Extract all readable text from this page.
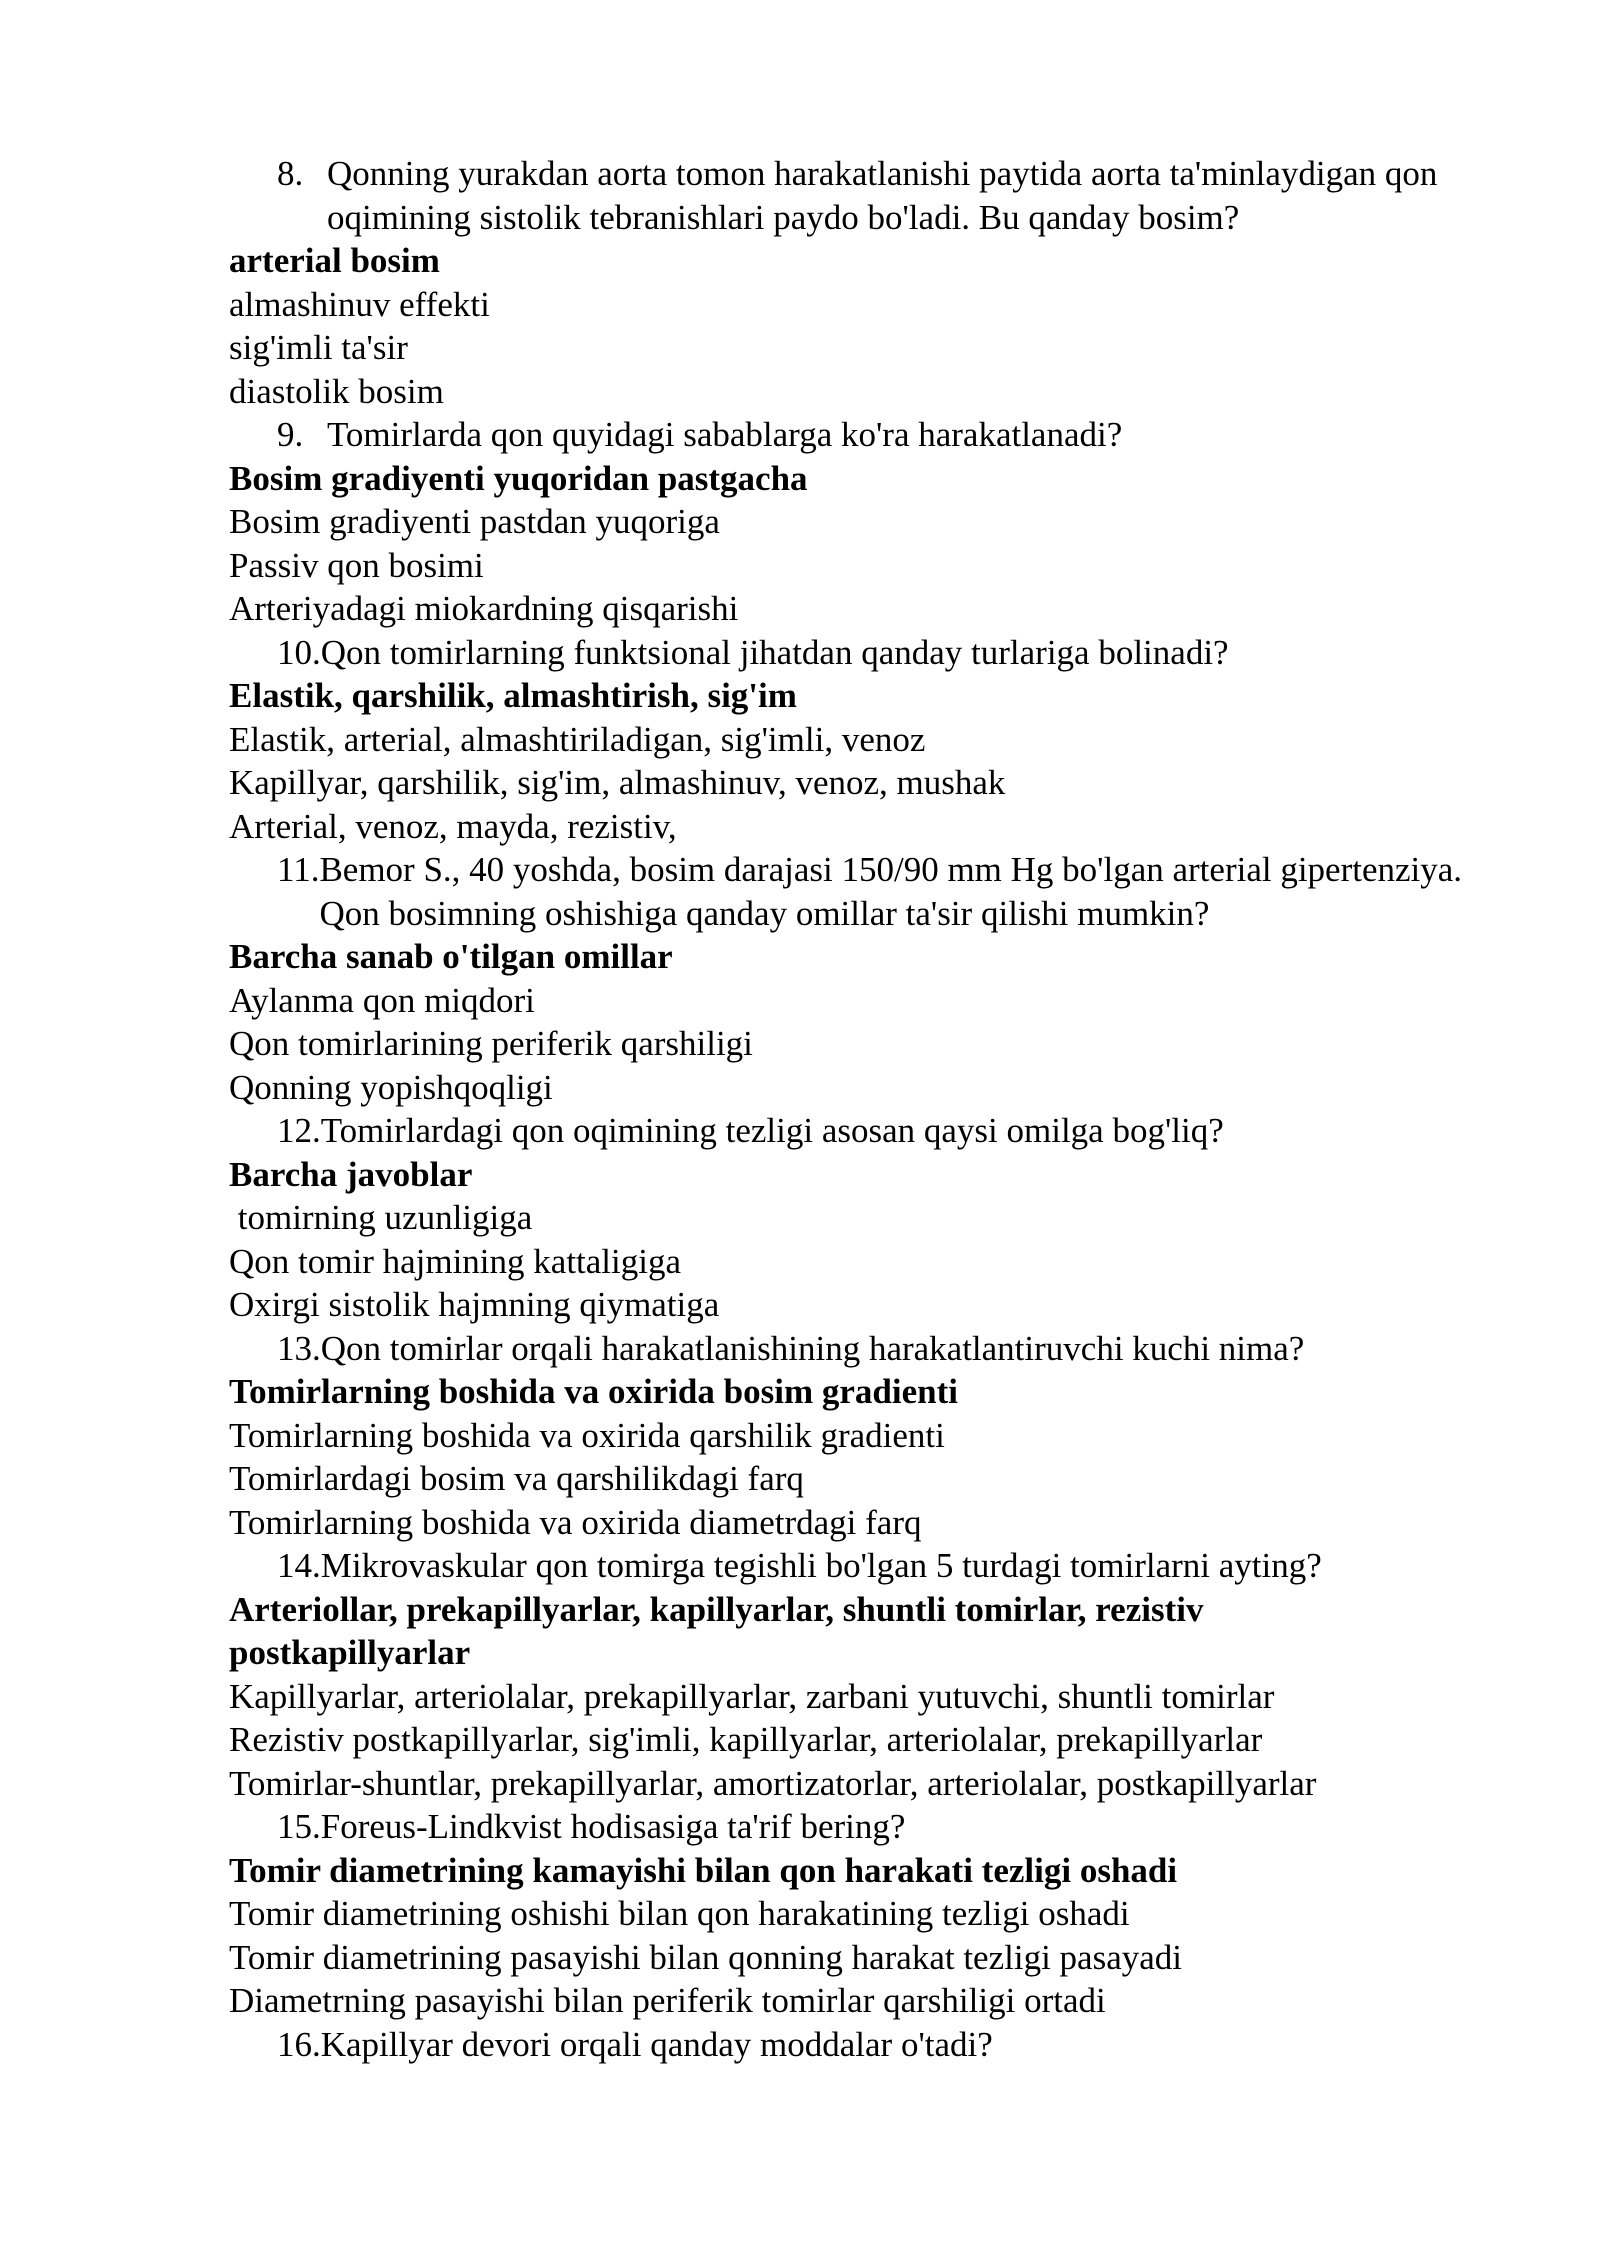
8. Qonning yurakdan aorta tomon harakatlanishi paytida aorta ta'minlaydigan qon oqimining sistolik tebranishlari paydo bo'ladi. Bu qanday bosim?
arterial bosim
almashinuv effekti
sig'imli ta'sir
diastolik bosim
9. Tomirlarda qon quyidagi sabablarga ko'ra harakatlanadi?
Bosim gradiyenti yuqoridan pastgacha
Bosim gradiyenti pastdan yuqoriga
Passiv qon bosimi
Arteriyadagi miokardning qisqarishi
10. Qon tomirlarning funktsional jihatdan qanday turlariga bolinadi?
Elastik, qarshilik, almashtirish, sig'im
Elastik, arterial, almashtiriladigan, sig'imli, venoz
Kapillyar, qarshilik, sig'im, almashinuv, venoz, mushak
Arterial, venoz, mayda, rezistiv,
11. Bemor S., 40 yoshda, bosim darajasi 150/90 mm Hg bo'lgan arterial gipertenziya. Qon bosimning oshishiga qanday omillar ta'sir qilishi mumkin?
Barcha sanab o'tilgan omillar
Aylanma qon miqdori
Qon tomirlarining periferik qarshiligi
Qonning yopishqoqligi
12. Tomirlardagi qon oqimining tezligi asosan qaysi omilga bog'liq?
Barcha javoblar
tomirning uzunligiga
Qon tomir hajmining kattaligiga
Oxirgi sistolik hajmning qiymatiga
13. Qon tomirlar orqali harakatlanishining harakatlantiruvchi kuchi nima?
Tomirlarning boshida va oxirida bosim gradienti
Tomirlarning boshida va oxirida qarshilik gradienti
Tomirlardagi bosim va qarshilikdagi farq
Tomirlarning boshida va oxirida diametrdagi farq
14. Mikrovaskular qon tomirga tegishli bo'lgan 5 turdagi tomirlarni ayting?
Arteriollar, prekapillyarlar, kapillyarlar, shuntli tomirlar, rezistiv postkapillyarlar
Kapillyarlar, arteriolalar, prekapillyarlar, zarbani yutuvchi, shuntli tomirlar
Rezistiv postkapillyarlar, sig'imli, kapillyarlar, arteriolalar, prekapillyarlar
Tomirlar-shuntlar, prekapillyarlar, amortizatorlar, arteriolalar, postkapillyarlar
15. Foreus-Lindkvist hodisasiga ta'rif bering?
Tomir diametrining kamayishi bilan qon harakati tezligi oshadi
Tomir diametrining oshishi bilan qon harakatining tezligi oshadi
Tomir diametrining pasayishi bilan qonning harakat tezligi pasayadi
Diametrning pasayishi bilan periferik tomirlar qarshiligi ortadi
16. Kapillyar devori orqali qanday moddalar o'tadi?
